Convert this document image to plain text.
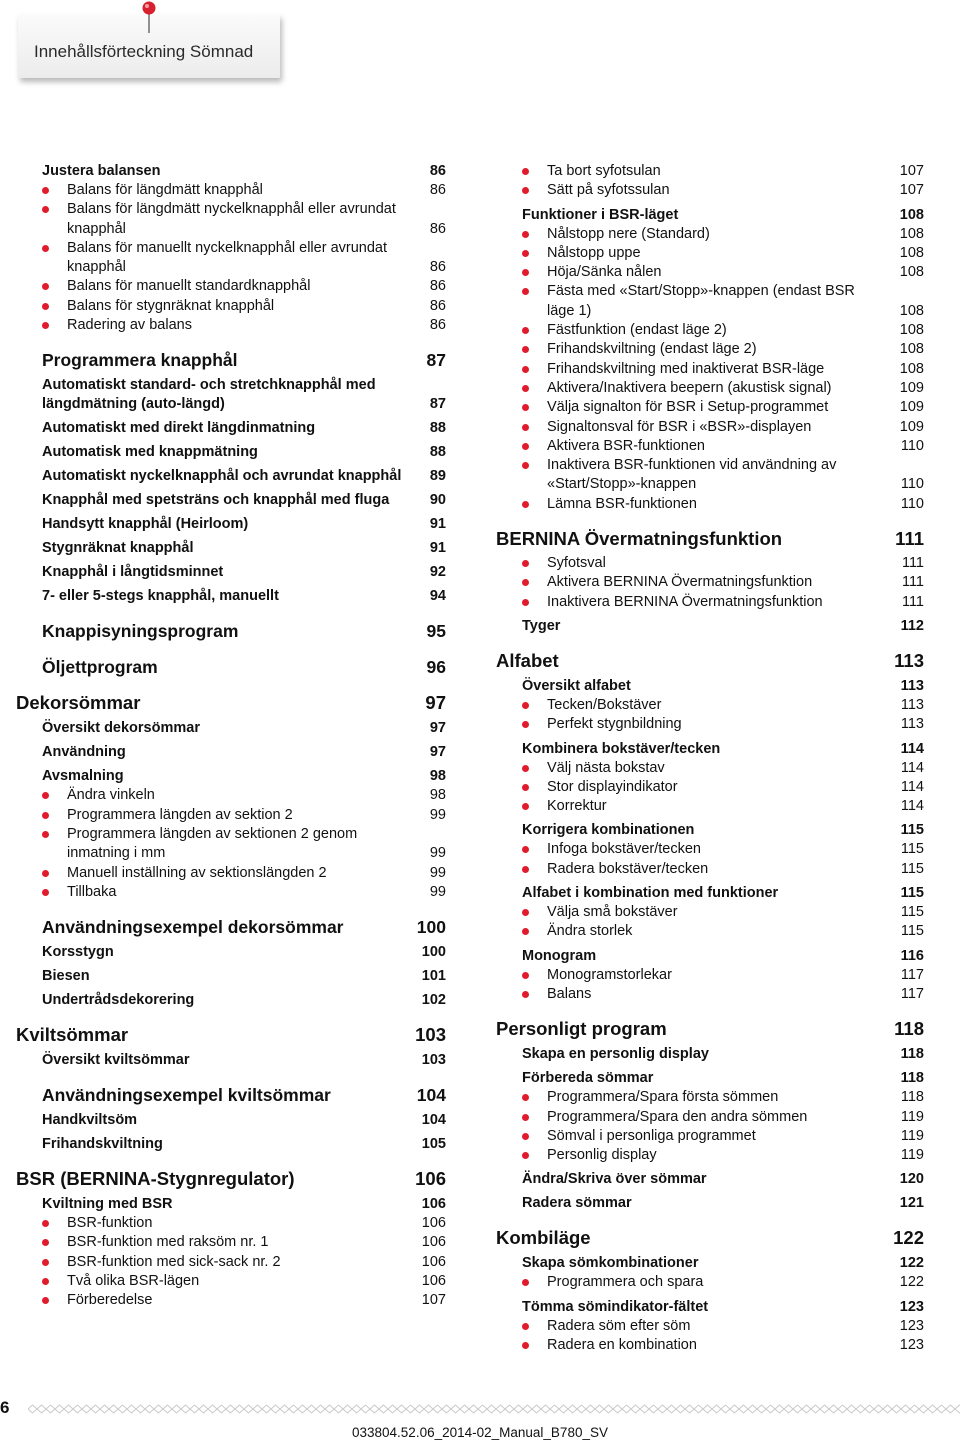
Innehållsförteckning Sömnad
Justera balansen	86
Balans för längdmätt knapphål	86
Balans för längdmätt nyckelknapphål eller avrundat knapphål	86
Balans för manuellt nyckelknapphål eller avrundat knapphål	86
Balans för manuellt standardknapphål	86
Balans för stygnräknat knapphål	86
Radering av balans	86
Programmera knapphål	87
Automatiskt standard- och stretchknapphål med längdmätning (auto-längd)	87
Automatiskt med direkt längdinmatning	88
Automatisk med knappmätning	88
Automatiskt nyckelknapphål och avrundat knapphål 89
Knapphål med spetsträns och knapphål med fluga	90
Handsytt knapphål (Heirloom)	91
Stygnräknat knapphål	91
Knapphål i långtidsminnet	92
7- eller 5-stegs knapphål, manuellt	94
Knappisyningsprogram	95
Öljettprogram	96
Dekorsömmar	97
Översikt dekorsömmar	97
Användning	97
Avsmalning	98
Ändra vinkeln	98
Programmera längden av sektion 2	99
Programmera längden av sektionen 2 genom inmatning i mm	99
Manuell inställning av sektionslängden 2	99
Tillbaka	99
Användningsexempel dekorsömmar	100
Korsstygn	100
Biesen	101
Undertrådsdekorering	102
Kviltsömmar	103
Översikt kviltsömmar	103
Användningsexempel kviltsömmar	104
Handkviltsöm	104
Frihandskviltning	105
BSR (BERNINA-Stygnregulator)	106
Kviltning med BSR	106
BSR-funktion	106
BSR-funktion med raksöm nr. 1	106
BSR-funktion med sick-sack nr. 2	106
Två olika BSR-lägen	106
Förberedelse	107
Ta bort syfotsulan	107
Sätt på syfotssulan	107
Funktioner i BSR-läget	108
Nålstopp nere (Standard)	108
Nålstopp uppe	108
Höja/Sänka nålen	108
Fästa med «Start/Stopp»-knappen (endast BSR läge 1)	108
Fästfunktion (endast läge 2)	108
Frihandskviltning (endast läge 2)	108
Frihandskviltning med inaktiverat BSR-läge	108
Aktivera/Inaktivera beepern (akustisk signal)	109
Välja signalton för BSR i Setup-programmet	109
Signaltonsval för BSR i «BSR»-displayen	109
Aktivera BSR-funktionen	110
Inaktivera BSR-funktionen vid användning av «Start/Stopp»-knappen	110
Lämna BSR-funktionen	110
BERNINA Övermatningsfunktion	111
Syfotsval	111
Aktivera BERNINA Övermatningsfunktion	111
Inaktivera BERNINA Övermatningsfunktion	111
Tyger	112
Alfabet	113
Översikt alfabet	113
Tecken/Bokstäver	113
Perfekt stygnbildning	113
Kombinera bokstäver/tecken	114
Välj nästa bokstav	114
Stor displayindikator	114
Korrektur	114
Korrigera kombinationen	115
Infoga bokstäver/tecken	115
Radera bokstäver/tecken	115
Alfabet i kombination med funktioner	115
Välja små bokstäver	115
Ändra storlek	115
Monogram	116
Monogramstorlekar	117
Balans	117
Personligt program	118
Skapa en personlig display	118
Förbereda sömmar	118
Programmera/Spara första sömmen	118
Programmera/Spara den andra sömmen	119
Sömval i personliga programmet	119
Personlig display	119
Ändra/Skriva över sömmar	120
Radera sömmar	121
Kombiläge	122
Skapa sömkombinationer	122
Programmera och spara	122
Tömma sömindikator-fältet	123
Radera söm efter söm	123
Radera en kombination	123
6
033804.52.06_2014-02_Manual_B780_SV
